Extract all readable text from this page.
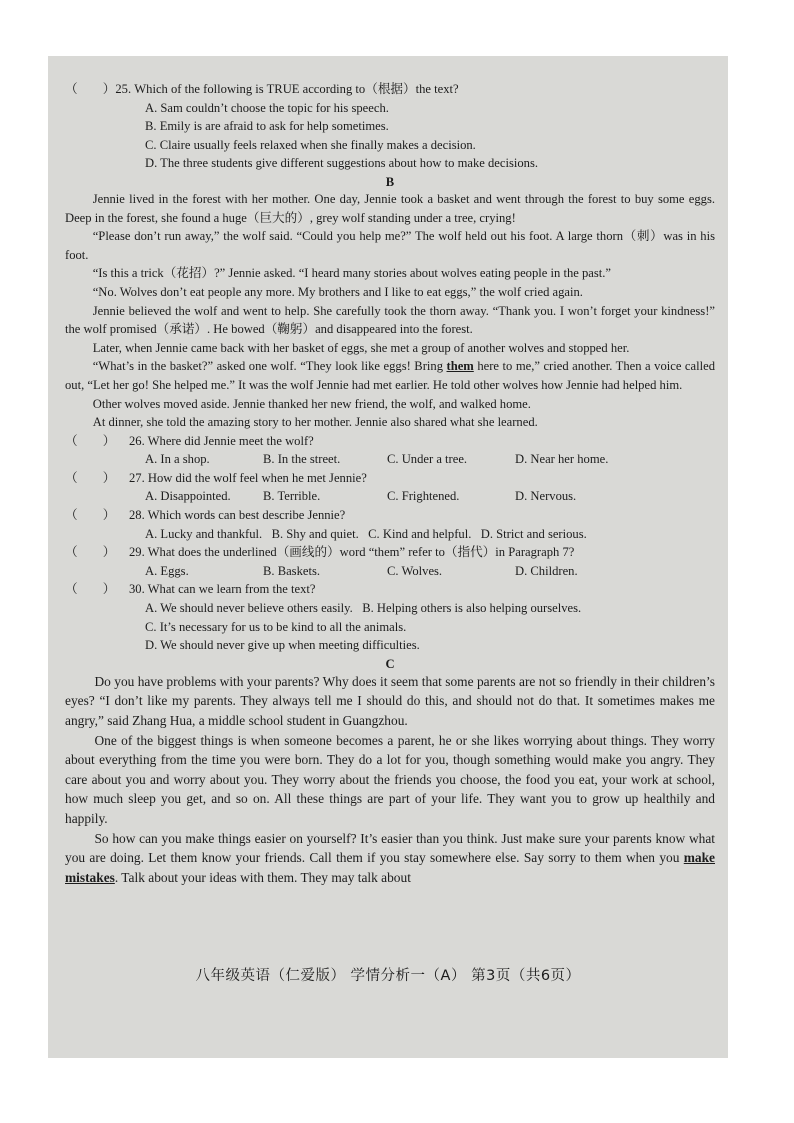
（　　）25. Which of the following is TRUE according to（根据）the text?

A. Sam couldn’t choose the topic for his speech.

B. Emily is are afraid to ask for help sometimes.

C. Claire usually feels relaxed when she finally makes a decision.

D. The three students give different suggestions about how to make decisions.

B

Jennie lived in the forest with her mother. One day, Jennie took a basket and went through the forest to buy some eggs. Deep in the forest, she found a huge（巨大的）, grey wolf standing under a tree, crying!

“Please don’t run away,” the wolf said. “Could you help me?” The wolf held out his foot. A large thorn（刺）was in his foot.

“Is this a trick（花招）?” Jennie asked. “I heard many stories about wolves eating people in the past.”

“No. Wolves don’t eat people any more. My brothers and I like to eat eggs,” the wolf cried again.

Jennie believed the wolf and went to help. She carefully took the thorn away. “Thank you. I won’t forget your kindness!” the wolf promised（承诺）. He bowed（鞠躬）and disappeared into the forest.

Later, when Jennie came back with her basket of eggs, she met a group of another wolves and stopped her.

“What’s in the basket?” asked one wolf. “They look like eggs! Bring them here to me,” cried another. Then a voice called out, “Let her go! She helped me.” It was the wolf Jennie had met earlier. He told other wolves how Jennie had helped him.

Other wolves moved aside. Jennie thanked her new friend, the wolf, and walked home.

At dinner, she told the amazing story to her mother. Jennie also shared what she learned.

（　　） 26. Where did Jennie meet the wolf?
A. In a shop.	B. In the street.	C. Under a tree.	D. Near her home.
（　　） 27. How did the wolf feel when he met Jennie?
A. Disappointed.	B. Terrible.	C. Frightened.	D. Nervous.
（　　） 28. Which words can best describe Jennie?

A. Lucky and thankful.   B. Shy and quiet.   C. Kind and helpful.   D. Strict and serious.

（　　） 29. What does the underlined（画线的）word “them” refer to（指代）in Paragraph 7?
A. Eggs.	B. Baskets.	C. Wolves.	D. Children.
（　　） 30. What can we learn from the text?

A. We should never believe others easily.   B. Helping others is also helping ourselves.

C. It’s necessary for us to be kind to all the animals.

D. We should never give up when meeting difficulties.

C

Do you have problems with your parents? Why does it seem that some parents are not so friendly in their children’s eyes? “I don’t like my parents. They always tell me I should do this, and should not do that. It sometimes makes me angry,” said Zhang Hua, a middle school student in Guangzhou.

One of the biggest things is when someone becomes a parent, he or she likes worrying about things. They worry about everything from the time you were born. They do a lot for you, though something would make you angry. They care about you and worry about you. They worry about the friends you choose, the food you eat, your work at school, how much sleep you get, and so on. All these things are part of your life. They want you to grow up healthily and happily.

So how can you make things easier on yourself? It’s easier than you think. Just make sure your parents know what you are doing. Let them know your friends. Call them if you stay somewhere else. Say sorry to them when you make mistakes. Talk about your ideas with them. They may talk about

八年级英语（仁爱版） 学情分析一（A） 第3页（共6页）
